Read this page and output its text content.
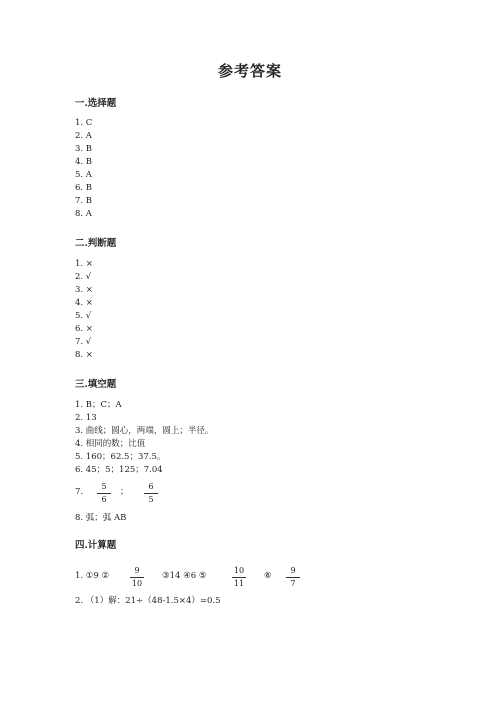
参考答案
一.选择题
1. C
2. A
3. B
4. B
5. A
6. B
7. B
8. A
二.判断题
1. ×
2. √
3. ×
4. ×
5. √
6. ×
7. √
8. ×
三.填空题
1. B；C；A
2. 13
3. 曲线；圆心，两端，圆上；半径。
4. 相同的数；比值
5. 160；62.5；37.5。
6. 45；5；125；7.04
7.
5
6
；
6
5
8. 弧；弧 AB
四.计算题
1. ①9 ②
9
10
③14 ④6 ⑤
10
11
⑥
9
7
2. （1）解：21÷（48-1.5×4）=0.5
